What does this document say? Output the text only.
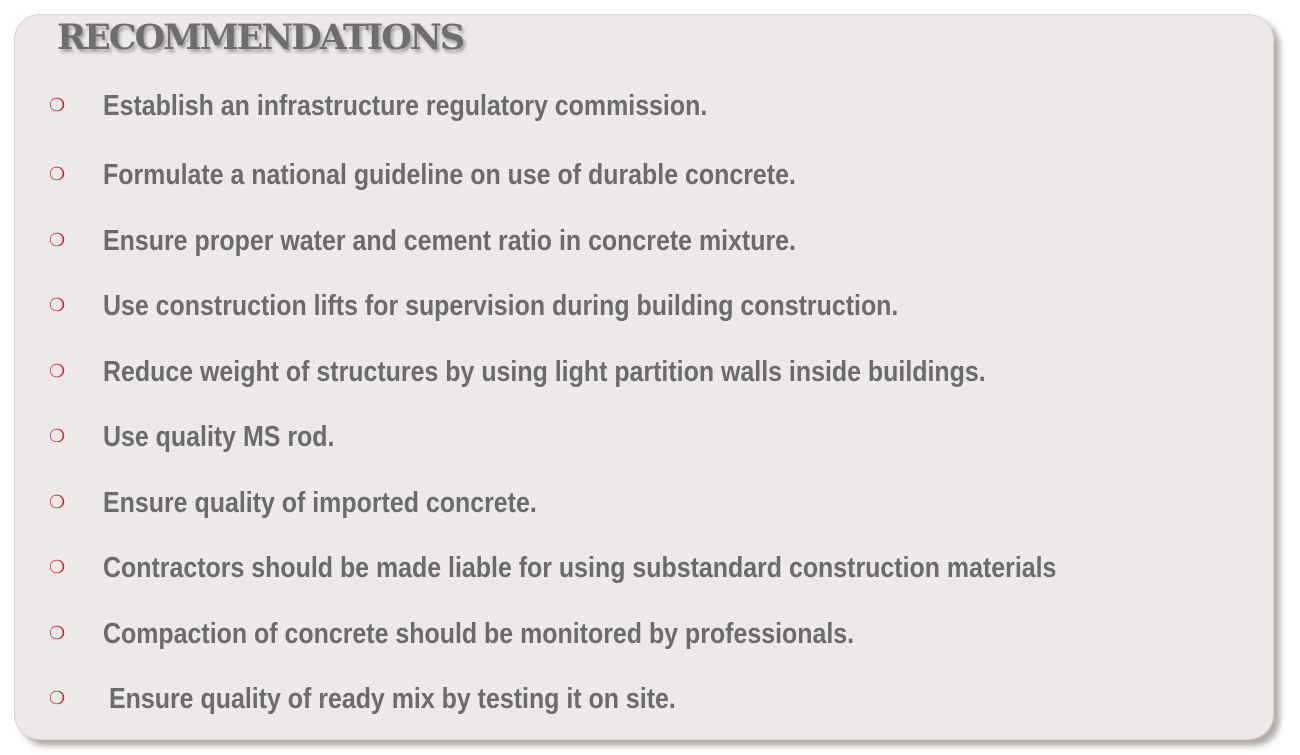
RECOMMENDATIONS
❍ Establish an infrastructure regulatory commission.
❍ Formulate a national guideline on use of durable concrete.
❍ Ensure proper water and cement ratio in concrete mixture.
❍ Use construction lifts for supervision during building construction.
❍ Reduce weight of structures by using light partition walls inside buildings.
❍ Use quality MS rod.
❍ Ensure quality of imported concrete.
❍ Contractors should be made liable for using substandard construction materials
❍ Compaction of concrete should be monitored by professionals.
❍ Ensure quality of ready mix by testing it on site.
